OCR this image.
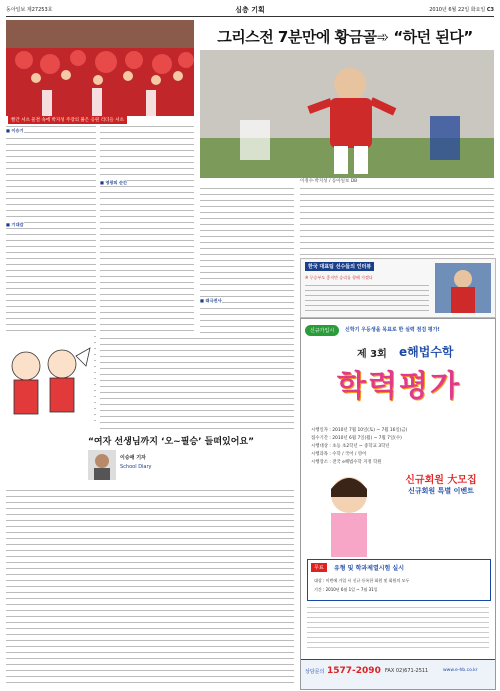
동아일보 제27253호	심층 기획	2010년 6월 22일 화요일 C3
빨간 셔츠 물결 속에 박지성 주장의 붉은 응원 리더들 셔츠
그리스전 7분만에 황금골➾ “하던 된다”
이정수·박지성 / 동아일보 DB
■ 이승기
■ 기대감
■ 영광의 순간
■ 태극전사
한국 대표팀 선수들의 인터뷰
※ 무승부도 좋지만 승리를 향해 가겠다
“여자 선생님까지 ‘오~필승’ 들떠있어요”
이승애 기자
School Diary
신규가입시	신학기 우등생을 목표로 한 실력 점검 평가!
제 3회 e해법수학
학력평가
시행일자 : 2010년 7월 10일(토) ~ 7월 16일(금)
접수기간 : 2010년 6월 7일(월) ~ 7월 7일(수)
시행대상 : 초등 초2학년 ~ 중학교 3학년
시행과목 : 수학 / 국어 / 영어
시행장소 : 전국 e해법수학 지정 학원
신규회원 大모집
신규회원 특별 이벤트
무료	유형 및 학과제열시험 실시
대상 : 이번에 가입 시 신규 등록한 회원 및 회원의 모두
기간 : 2010년 6월 1일 ~ 7월 31일
상담문의 1577-2090 FAX 02)671-2511	www.e-hb.co.kr
